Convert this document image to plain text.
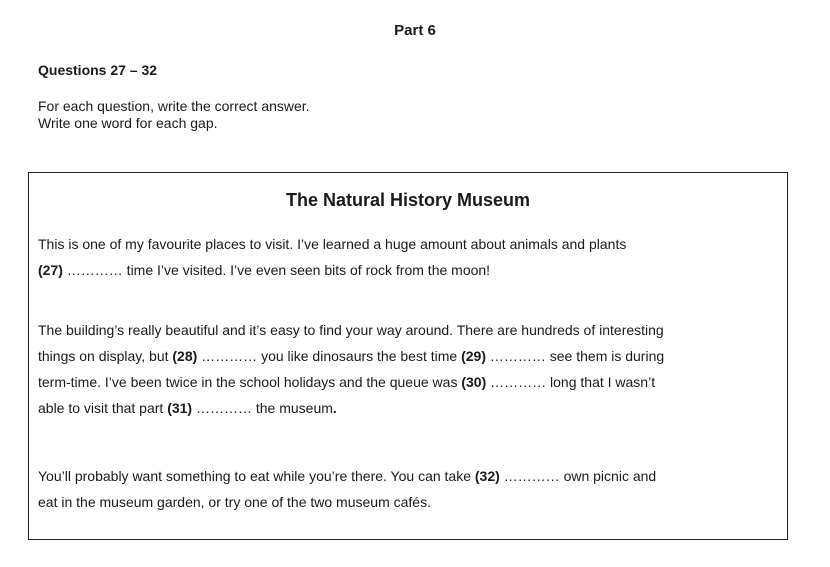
Part 6
Questions 27 – 32
For each question, write the correct answer.
Write one word for each gap.
The Natural History Museum
This is one of my favourite places to visit. I’ve learned a huge amount about animals and plants
(27) ………… time I’ve visited. I’ve even seen bits of rock from the moon!
The building’s really beautiful and it’s easy to find your way around. There are hundreds of interesting
things on display, but (28) ………… you like dinosaurs the best time (29) ………… see them is during
term-time. I’ve been twice in the school holidays and the queue was (30) ………… long that I wasn’t
able to visit that part (31) ………… the museum.
You’ll probably want something to eat while you’re there. You can take (32) ………… own picnic and
eat in the museum garden, or try one of the two museum cafés.
